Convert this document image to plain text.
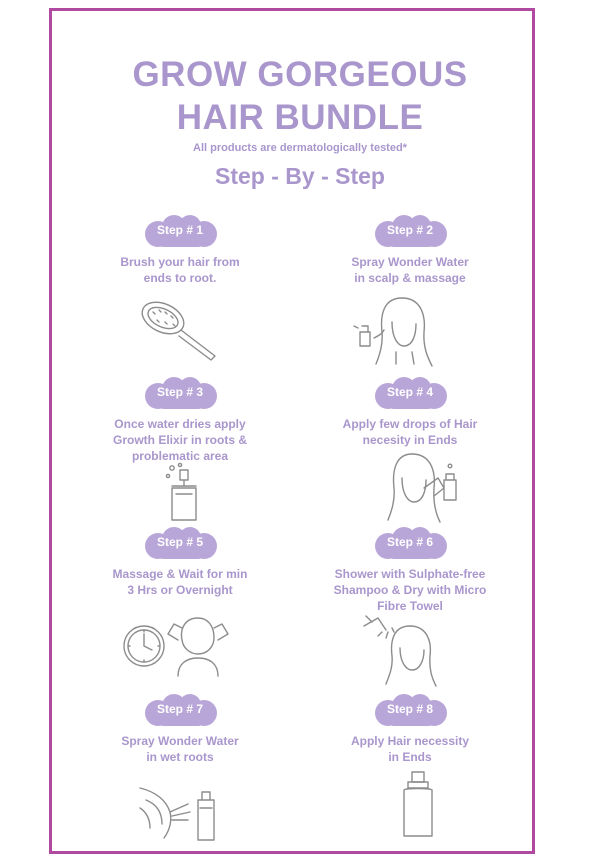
GROW GORGEOUS
HAIR BUNDLE
All products are dermatologically tested*
Step - By - Step
Step # 1
Brush your hair from
ends to root.
Step # 2
Spray Wonder Water
in scalp & massage
Step # 3
Once water dries apply
Growth Elixir in roots &
problematic area
Step # 4
Apply few drops of Hair
necesity in Ends
Step # 5
Massage & Wait for min
3 Hrs or Overnight
Step # 6
Shower with Sulphate-free
Shampoo & Dry with Micro
Fibre Towel
Step # 7
Spray Wonder Water
in wet roots
Step # 8
Apply Hair necessity
in Ends
